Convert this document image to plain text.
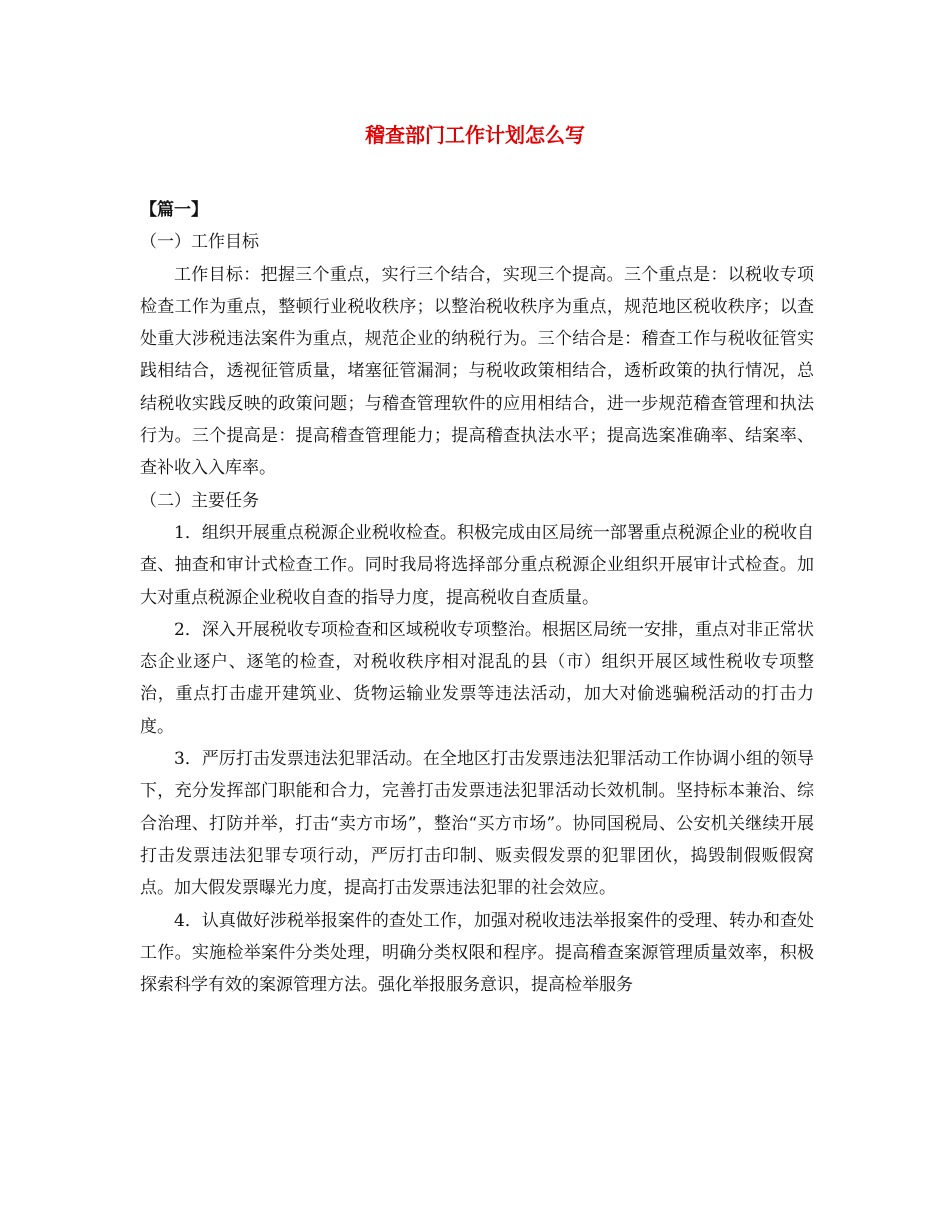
稽查部门工作计划怎么写

【篇一】

（一）工作目标

工作目标：把握三个重点，实行三个结合，实现三个提高。三个重点是：以税收专项检查工作为重点，整顿行业税收秩序；以整治税收秩序为重点，规范地区税收秩序；以查处重大涉税违法案件为重点，规范企业的纳税行为。三个结合是：稽查工作与税收征管实践相结合，透视征管质量，堵塞征管漏洞；与税收政策相结合，透析政策的执行情况，总结税收实践反映的政策问题；与稽查管理软件的应用相结合，进一步规范稽查管理和执法行为。三个提高是：提高稽查管理能力；提高稽查执法水平；提高选案准确率、结案率、查补收入入库率。

（二）主要任务

1．组织开展重点税源企业税收检查。积极完成由区局统一部署重点税源企业的税收自查、抽查和审计式检查工作。同时我局将选择部分重点税源企业组织开展审计式检查。加大对重点税源企业税收自查的指导力度，提高税收自查质量。

2．深入开展税收专项检查和区域税收专项整治。根据区局统一安排，重点对非正常状态企业逐户、逐笔的检查，对税收秩序相对混乱的县（市）组织开展区域性税收专项整治，重点打击虚开建筑业、货物运输业发票等违法活动，加大对偷逃骗税活动的打击力度。

3．严厉打击发票违法犯罪活动。在全地区打击发票违法犯罪活动工作协调小组的领导下，充分发挥部门职能和合力，完善打击发票违法犯罪活动长效机制。坚持标本兼治、综合治理、打防并举，打击“卖方市场”，整治“买方市场”。协同国税局、公安机关继续开展打击发票违法犯罪专项行动，严厉打击印制、贩卖假发票的犯罪团伙，捣毁制假贩假窝点。加大假发票曝光力度，提高打击发票违法犯罪的社会效应。

4．认真做好涉税举报案件的查处工作，加强对税收违法举报案件的受理、转办和查处工作。实施检举案件分类处理，明确分类权限和程序。提高稽查案源管理质量效率，积极探索科学有效的案源管理方法。强化举报服务意识，提高检举服务
